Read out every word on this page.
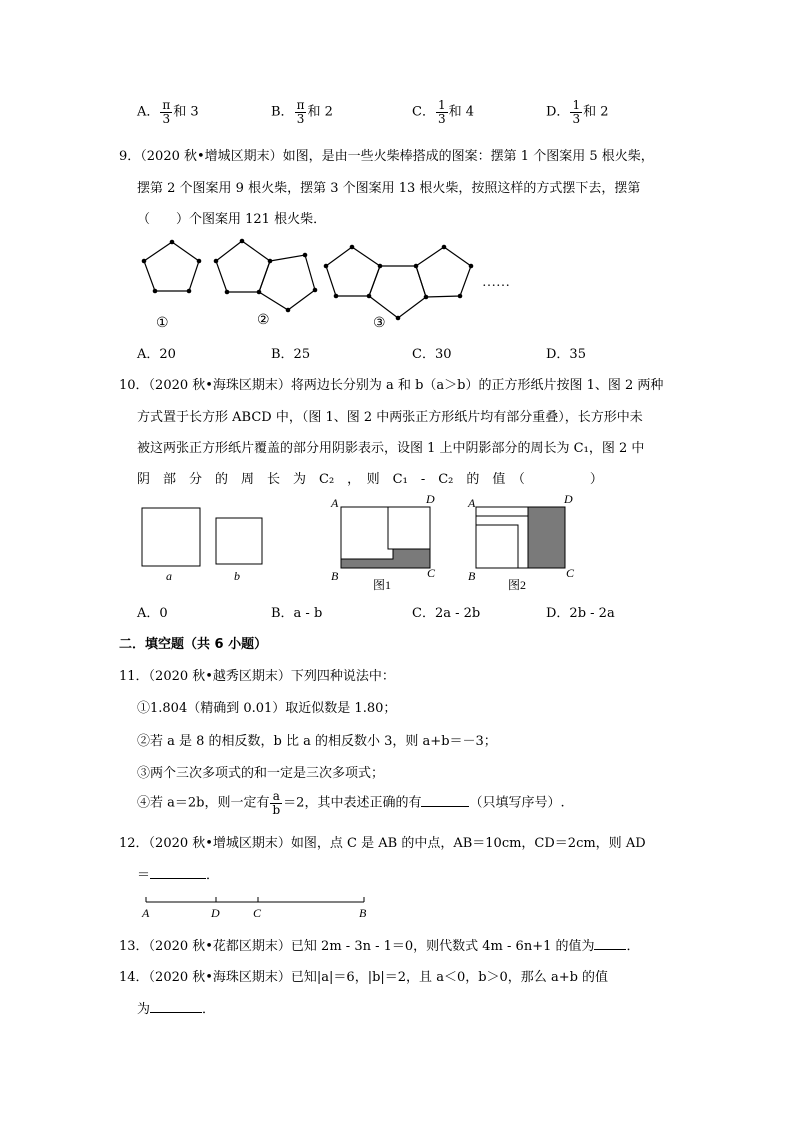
A． $\frac{\pi}{3}$ 和 3	B． $\frac{\pi}{3}$ 和 2	C． $\frac{1}{3}$ 和 4	D． $\frac{1}{3}$ 和 2
9．（2020 秋•增城区期末）如图，是由一些火柴棒搭成的图案：摆第 1 个图案用 5 根火柴，
摆第 2 个图案用 9 根火柴，摆第 3 个图案用 13 根火柴，按照这样的方式摆下去，摆第
（　　）个图案用 121 根火柴．
……
①	②	③
A．20	B．25	C．30	D．35
10．（2020 秋•海珠区期末）将两边长分别为 a 和 b（a＞b）的正方形纸片按图 1、图 2 两种
方式置于长方形 ABCD 中，（图 1、图 2 中两张正方形纸片均有部分重叠），长方形中未
被这两张正方形纸片覆盖的部分用阴影表示，设图 1 上中阴影部分的周长为 C₁，图 2 中
阴　部　分　的　周　长　为　C₂　，　则　C₁　-　C₂　的　值　（　　　　　）
a	b
A	D
B	C
图1
A	D
B	C
图2
A．0	B．a - b	C．2a - 2b	D．2b - 2a
二．填空题（共 6 小题）
11．（2020 秋•越秀区期末）下列四种说法中：
①1.804（精确到 0.01）取近似数是 1.80；
②若 a 是 8 的相反数，b 比 a 的相反数小 3，则 a+b＝－3；
③两个三次多项式的和一定是三次多项式；
④若 a＝2b，则一定有 $\frac{a}{b} =2$，其中表述正确的有	（只填写序号）.
12．（2020 秋•增城区期末）如图，点 C 是 AB 的中点，AB＝10cm，CD＝2cm，则 AD
＝	．
A	D	C	B
13．（2020 秋•花都区期末）已知 2m - 3n - 1＝0，则代数式 4m - 6n+1 的值为 ．
14．（2020 秋•海珠区期末）已知|a|＝6，|b|＝2，且 a＜0，b＞0，那么 a+b 的值
为	．
